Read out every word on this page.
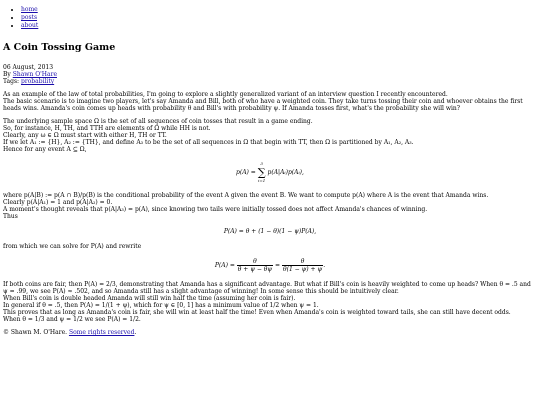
• home
• posts
• about
A Coin Tossing Game
06 August, 2013
By Shawn O'Hare
Tags: probability

As an example of the law of total probabilities, I'm going to explore a slightly generalized variant of an interview question I recently encountered.

The basic scenario is to imagine two players, let's say Amanda and Bill, both of who have a weighted coin. They take turns tossing their coin and whoever obtains the first heads wins. Amanda's coin comes up heads with probability θ and Bill's with probability ψ. If Amanda tosses first, what's the probability she will win?

The underlying sample space Ω is the set of all sequences of coin tosses that result in a game ending.

So, for instance, H, TH, and TTH are elements of Ω while HH is not.

Clearly, any ω ∈ Ω must start with either H, TH or TT.

If we let A₁ := {H}, A₂ := {TH}, and define A₃ to be the set of all sequences in Ω that begin with TT, then Ω is partitioned by A₁, A₂, A₃.

Hence for any event A ⊆ Ω,

p(A) =
3
∑
i=1
p(A|Aᵢ)p(Aᵢ),

where p(A|B) := p(A ∩ B)/p(B) is the conditional probability of the event A given the event B. We want to compute p(A) where A is the event that Amanda wins.

Clearly p(A|A₁) = 1 and p(A|A₂) = 0.

A moment's thought reveals that p(A|A₃) = p(A), since knowing two tails were initially tossed does not affect Amanda's chances of winning.

Thus

P(A) = θ + (1 − θ)(1 − ψ)P(A),

from which we can solve for P(A) and rewrite

$P(A) = \frac{\theta}{\theta + \psi - \theta\psi} = \frac{\theta}{\theta(1 - \psi) + \psi}$ .

If both coins are fair, then P(A) = 2/3, demonstrating that Amanda has a significant advantage. But what if Bill's coin is heavily weighted to come up heads? When θ = .5 and ψ = .99, we see P(A) ≈ .502, and so Amanda still has a slight advantage of winning! In some sense this should be intuitively clear.

When Bill's coin is double headed Amanda will still win half the time (assuming her coin is fair).

In general if θ = .5, then P(A) = 1/(1 + ψ), which for ψ ∈ [0, 1] has a minimum value of 1/2 when ψ = 1.

This proves that as long as Amanda's coin is fair, she will win at least half the time! Even when Amanda's coin is weighted toward tails, she can still have decent odds.

When θ = 1/3 and ψ = 1/2 we see P(A) = 1/2.

© Shawn M. O'Hare. Some rights reserved.
